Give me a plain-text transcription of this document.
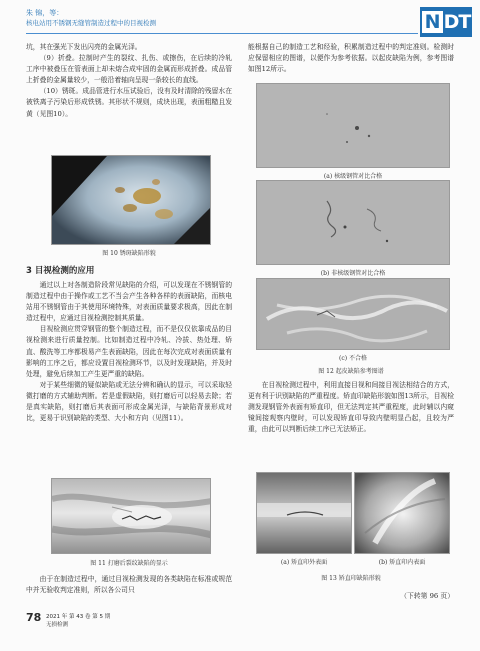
朱 锦，等：
核电站用不锈钢无缝管制造过程中的目视检测	N DT

坑，其在强光下发出闪亮的金属光泽。

（9）折叠。拉制时产生的裂纹、扎伤、或擦伤，在后续的冷轧工序中被叠压在管表面上却未熔合成牢固的金属而形成折叠。成品管上折叠的金属量较少，一般沿着轴向呈现一条较长的直线。

（10）锈斑。成品管进行水压试验后，没有及时清除的残留水在被铁离子污染后形成铁锈。其形状不规则，成块出现，表面粗糙且发黄（见图10）。

图 10 锈斑缺陷形貌
3 目视检测的应用

通过以上对各制造阶段常见缺陷的介绍，可以发现在不锈钢管的制造过程中由于操作或工艺不当会产生各种各样的表面缺陷，而核电站用不锈钢管由于其使用环境特殊，对表面质量要求极高，因此在制造过程中，应通过目视检测控制其质量。

目视检测应贯穿钢管的整个制造过程，而不是仅仅依靠成品的目视检测来进行质量控制。比如制造过程中冷轧、冷拔、热处理、矫直、酸洗等工序都极易产生表面缺陷，因此在每次完成对表面质量有影响的工序之后，都应设置目视检测环节，以及时发现缺陷，并及时处理，避免后续加工产生更严重的缺陷。

对于某些细微的疑似缺陷或无法分辨和确认的显示，可以采取轻微打磨的方式辅助判断。若是虚假缺陷，则打磨后可以轻易去除；若是真实缺陷，则打磨后其表面可形成金属光泽，与缺陷背景形成对比，更易于识别缺陷的类型、大小和方向（见图11）。

图 11 打磨后裂纹缺陷的显示

由于在制造过程中，通过目视检测发现的各类缺陷在标准或规范中并无验收判定准则，所以各公司只

能根据自己的制造工艺和经验，积累制造过程中的判定准则。检测时应保留相应的图谱，以便作为参考依据。以起皮缺陷为例，参考图谱如图12所示。

(a) 核级钢管对比合格
(b) 非核级钢管对比合格
(c) 不合格
图 12 起皮缺陷参考图谱

在目视检测过程中，利用直接目视和间接目视法相结合的方式，更有利于识别缺陷的严重程度。矫直印缺陷形貌如图13所示，目视检测发现钢管外表面有矫直印，但无法判定其严重程度，此时辅以内窥镜间接观察内壁时，可以发现矫直印导致内壁明显凸起，且较为严重，由此可以判断后续工序已无法矫正。

(a) 矫直印外表面	(b) 矫直印内表面
图 13 矫直印缺陷形貌
（下转第 96 页）
78 2021 年 第 43 卷 第 5 期
无损检测
